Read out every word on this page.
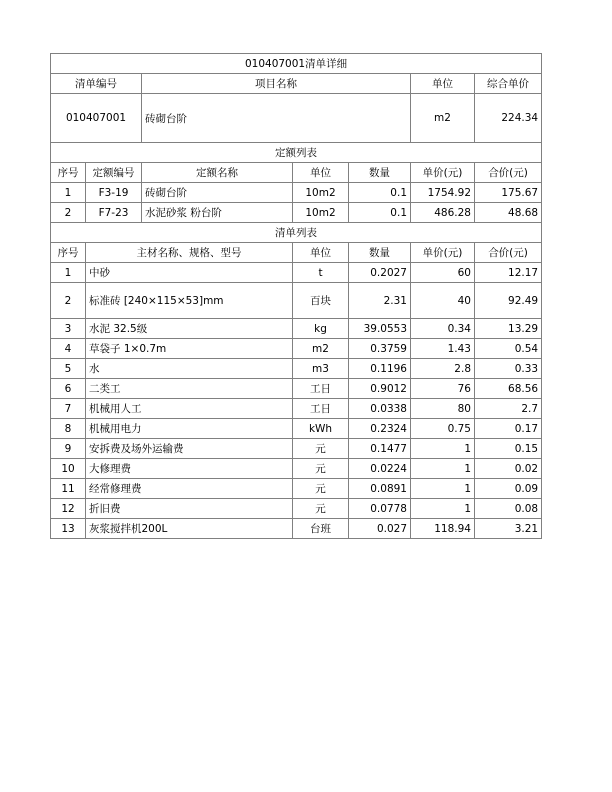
010407001清单详细						
清单编号		项目名称			单位	综合单价
010407001		砖砌台阶			m2	224.34
定额列表						
序号	定额编号	定额名称	单位	数量	单价(元)	合价(元)
1	F3-19	砖砌台阶	10m2	0.1	1754.92	175.67
2	F7-23	水泥砂浆 粉台阶	10m2	0.1	486.28	48.68
清单列表						
序号	主材名称、规格、型号		单位	数量	单价(元)	合价(元)
1	中砂		t	0.2027	60	12.17
2	标准砖 [240×115×53]mm		百块	2.31	40	92.49
3	水泥 32.5级		kg	39.0553	0.34	13.29
4	草袋子 1×0.7m		m2	0.3759	1.43	0.54
5	水		m3	0.1196	2.8	0.33
6	二类工		工日	0.9012	76	68.56
7	机械用人工		工日	0.0338	80	2.7
8	机械用电力		kWh	0.2324	0.75	0.17
9	安拆费及场外运输费		元	0.1477	1	0.15
10	大修理费		元	0.0224	1	0.02
11	经常修理费		元	0.0891	1	0.09
12	折旧费		元	0.0778	1	0.08
13	灰浆搅拌机200L		台班	0.027	118.94	3.21
